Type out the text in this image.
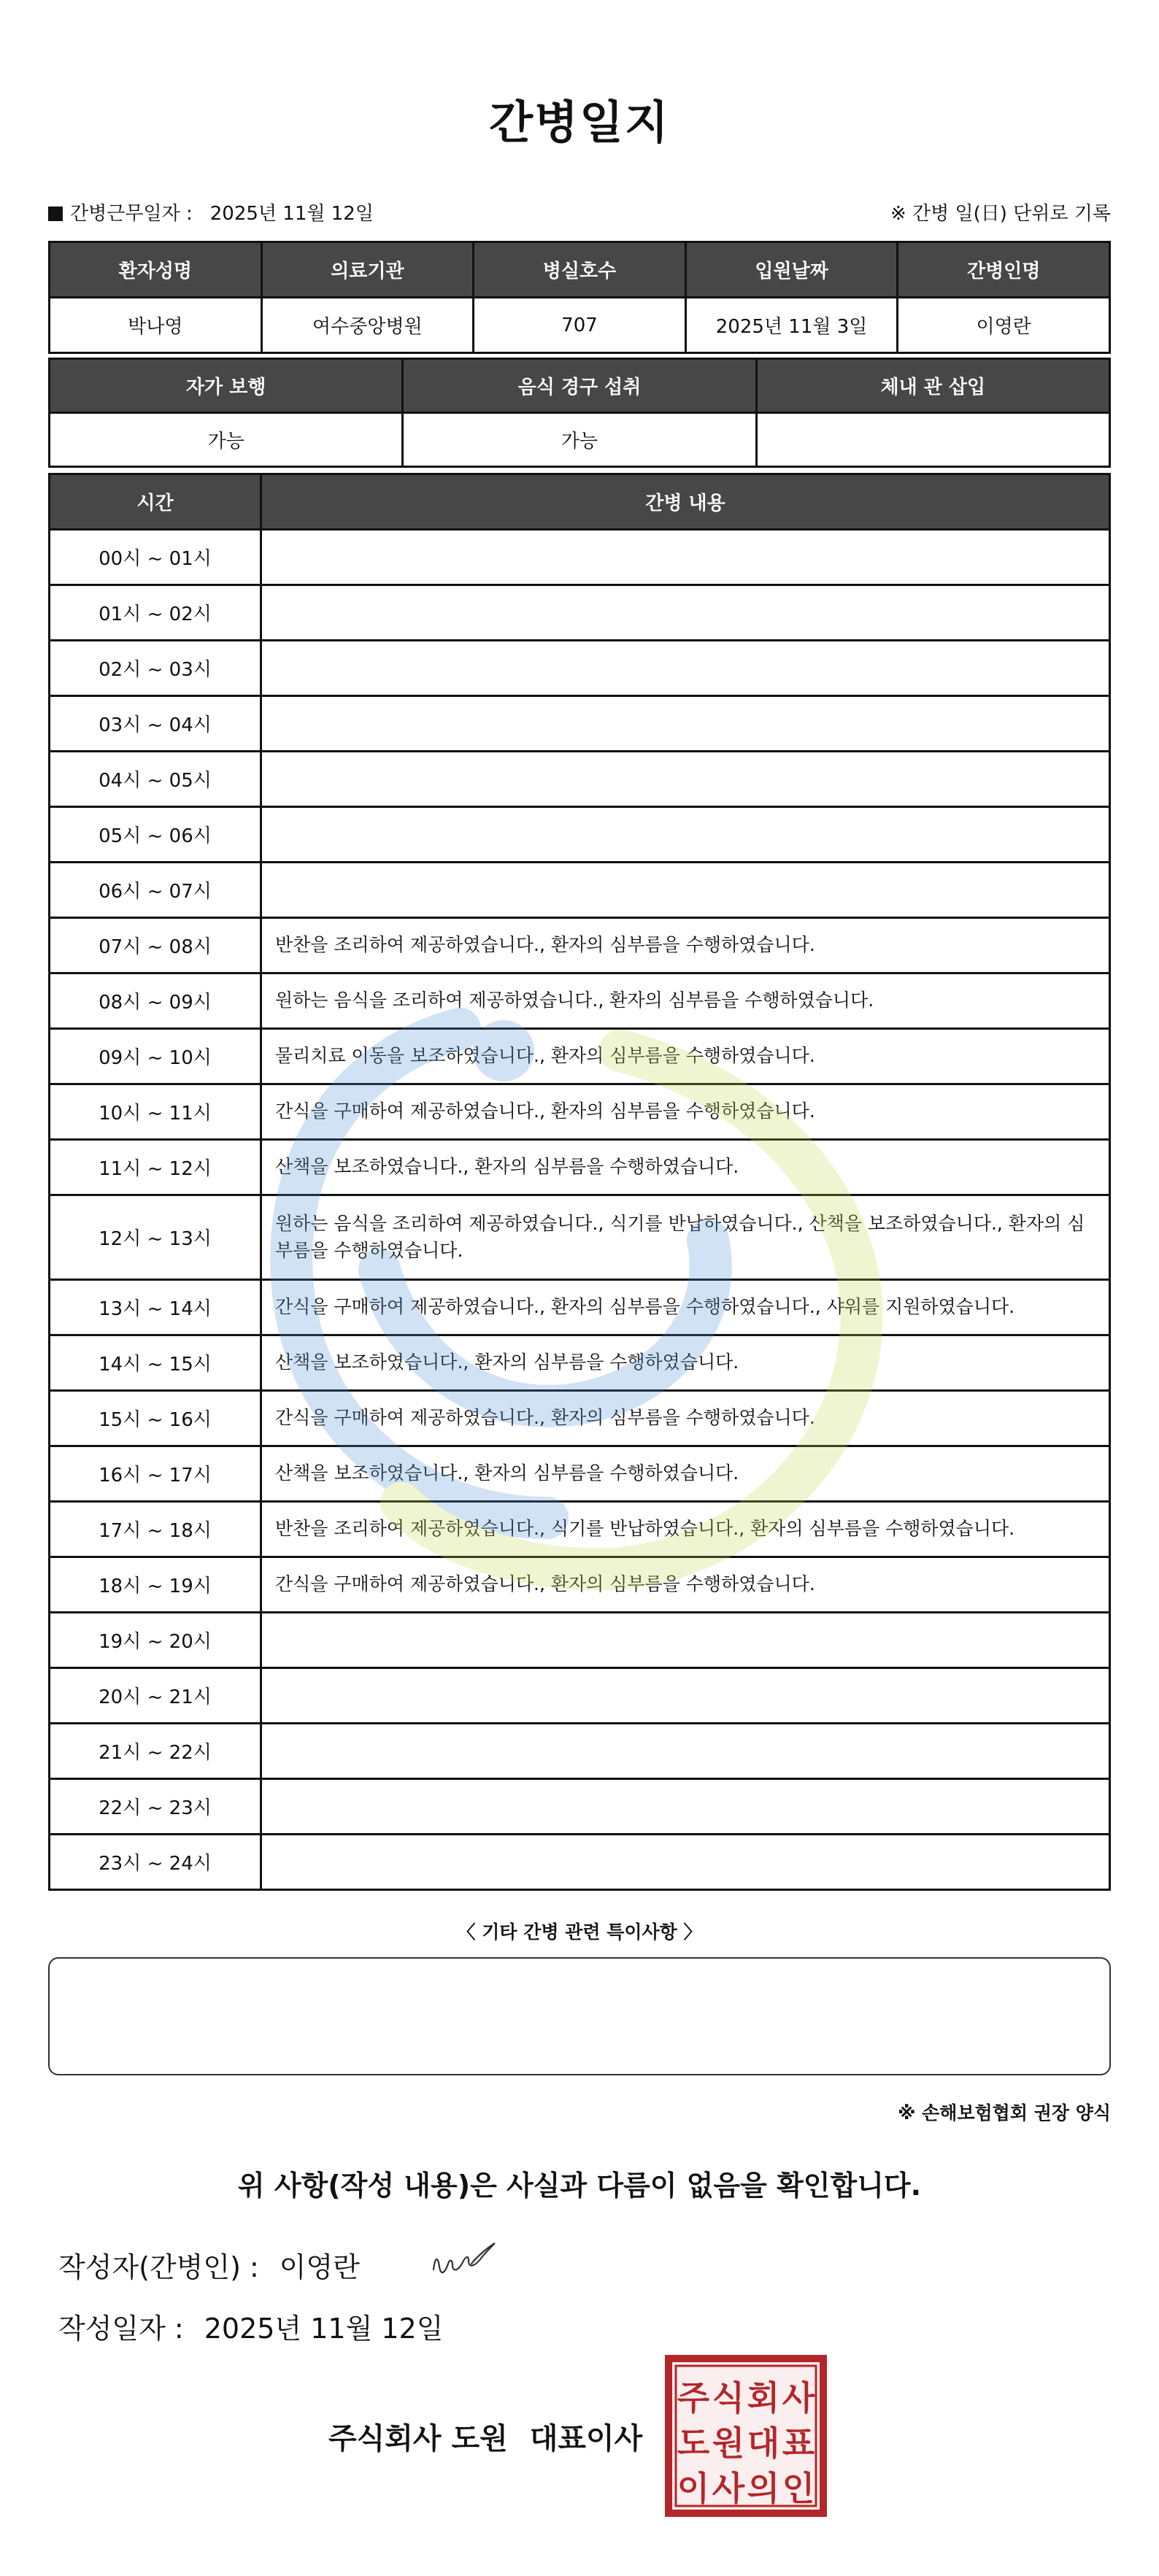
간병일지
간병근무일자 : 2025년 11월 12일	※ 간병 일(日) 단위로 기록
환자성명	의료기관	병실호수	입원날짜	간병인명
박나영	여수중앙병원	707	2025년 11월 3일	이영란
자가 보행	음식 경구 섭취	체내 관 삽입
가능	가능	
시간	간병 내용
00시 ~ 01시	
01시 ~ 02시	
02시 ~ 03시	
03시 ~ 04시	
04시 ~ 05시	
05시 ~ 06시	
06시 ~ 07시	
07시 ~ 08시	반찬을 조리하여 제공하였습니다., 환자의 심부름을 수행하였습니다.
08시 ~ 09시	원하는 음식을 조리하여 제공하였습니다., 환자의 심부름을 수행하였습니다.
09시 ~ 10시	물리치료 이동을 보조하였습니다., 환자의 심부름을 수행하였습니다.
10시 ~ 11시	간식을 구매하여 제공하였습니다., 환자의 심부름을 수행하였습니다.
11시 ~ 12시	산책을 보조하였습니다., 환자의 심부름을 수행하였습니다.
12시 ~ 13시	원하는 음식을 조리하여 제공하였습니다., 식기를 반납하였습니다., 산책을 보조하였습니다., 환자의 심부름을 수행하였습니다.
13시 ~ 14시	간식을 구매하여 제공하였습니다., 환자의 심부름을 수행하였습니다., 샤워를 지원하였습니다.
14시 ~ 15시	산책을 보조하였습니다., 환자의 심부름을 수행하였습니다.
15시 ~ 16시	간식을 구매하여 제공하였습니다., 환자의 심부름을 수행하였습니다.
16시 ~ 17시	산책을 보조하였습니다., 환자의 심부름을 수행하였습니다.
17시 ~ 18시	반찬을 조리하여 제공하였습니다., 식기를 반납하였습니다., 환자의 심부름을 수행하였습니다.
18시 ~ 19시	간식을 구매하여 제공하였습니다., 환자의 심부름을 수행하였습니다.
19시 ~ 20시	
20시 ~ 21시	
21시 ~ 22시	
22시 ~ 23시	
23시 ~ 24시	
〈 기타 간병 관련 특이사항 〉
※ 손해보험협회 권장 양식
위 사항(작성 내용)은 사실과 다름이 없음을 확인합니다.
작성자(간병인) : 이영란
작성일자 : 2025년 11월 12일
주식회사 도원 대표이사
주 식 회 사
도 원 대 표
이 사 의 인
